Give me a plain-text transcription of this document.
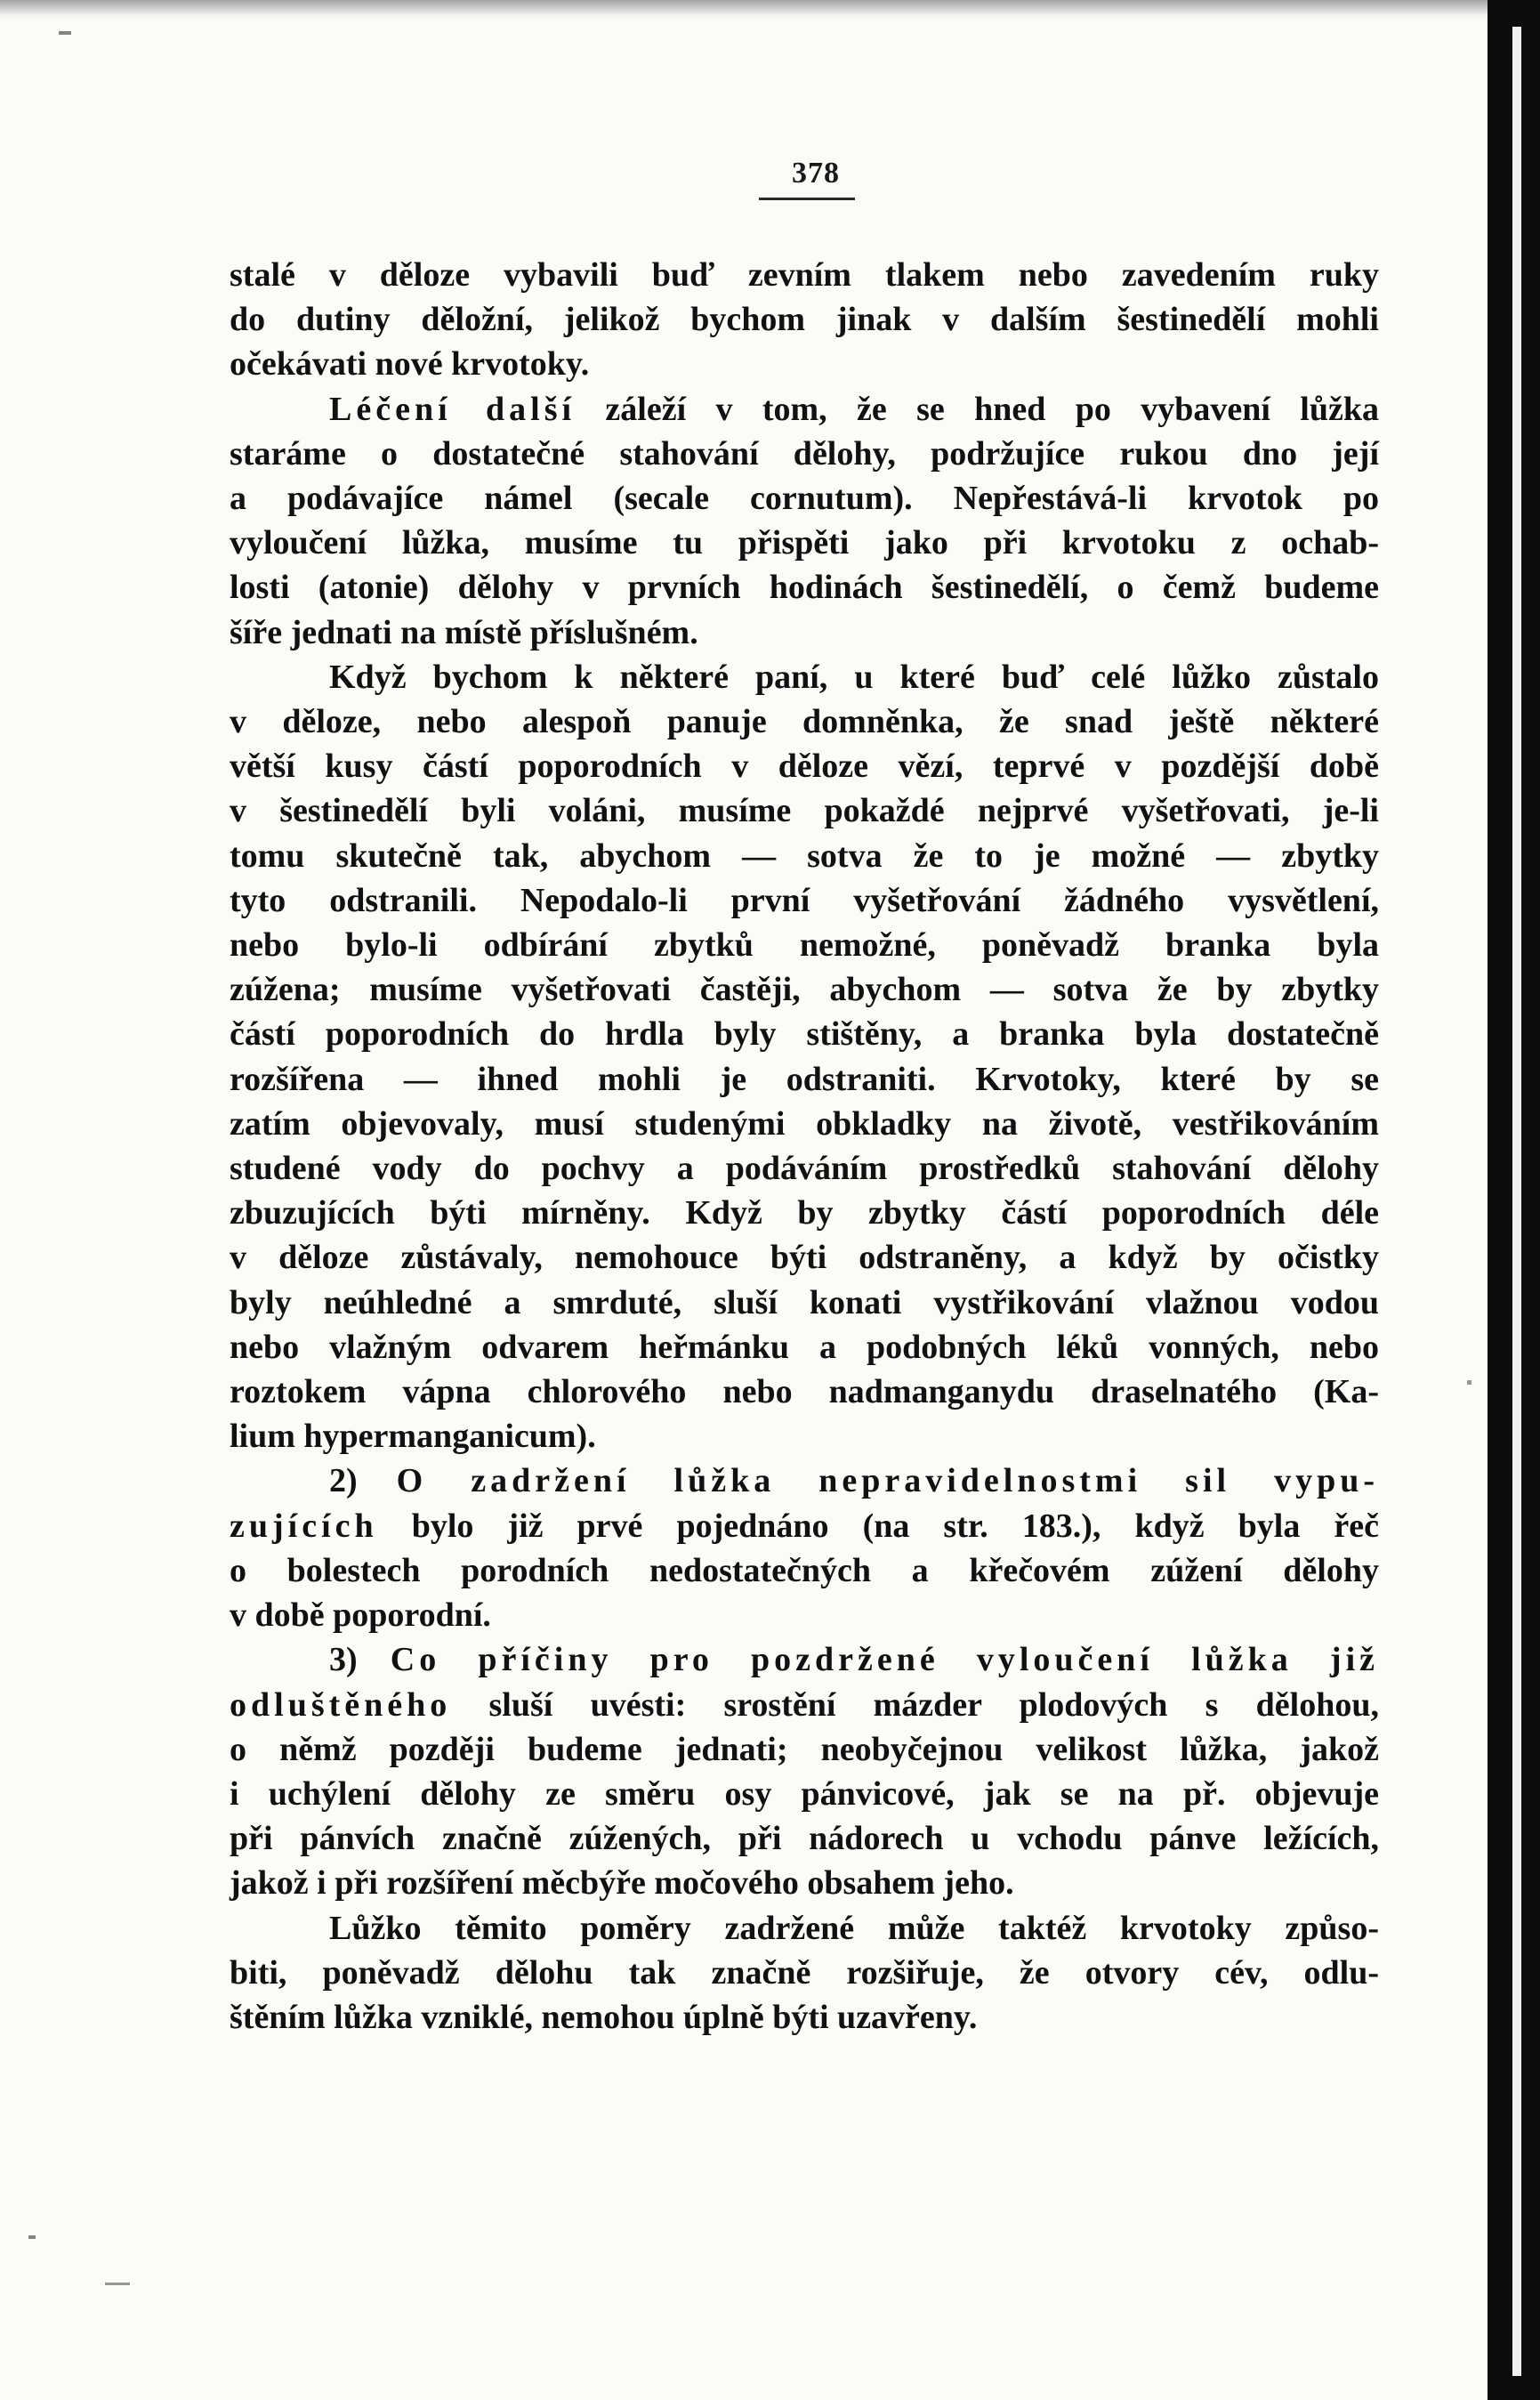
378
stalé v děloze vybavili buď zevním tlakem nebo zavedením ruky
do dutiny děložní, jelikož bychom jinak v dalším šestinedělí mohli
očekávati nové krvotoky.
Léčení další záleží v tom, že se hned po vybavení lůžka
staráme o dostatečné stahování dělohy, podržujíce rukou dno její
a podávajíce námel (secale cornutum). Nepřestává-li krvotok po
vyloučení lůžka, musíme tu přispěti jako při krvotoku z ochab-
losti (atonie) dělohy v prvních hodinách šestinedělí, o čemž budeme
šíře jednati na místě příslušném.
Když bychom k některé paní, u které buď celé lůžko zůstalo
v děloze, nebo alespoň panuje domněnka, že snad ještě některé
větší kusy částí poporodních v děloze vězí, teprvé v pozdější době
v šestinedělí byli voláni, musíme pokaždé nejprvé vyšetřovati, je-li
tomu skutečně tak, abychom — sotva že to je možné — zbytky
tyto odstranili. Nepodalo-li první vyšetřování žádného vysvětlení,
nebo bylo-li odbírání zbytků nemožné, poněvadž branka byla
zúžena; musíme vyšetřovati častěji, abychom — sotva že by zbytky
částí poporodních do hrdla byly stištěny, a branka byla dostatečně
rozšířena — ihned mohli je odstraniti. Krvotoky, které by se
zatím objevovaly, musí studenými obkladky na životě, vestřikováním
studené vody do pochvy a podáváním prostředků stahování dělohy
zbuzujících býti mírněny. Když by zbytky částí poporodních déle
v děloze zůstávaly, nemohouce býti odstraněny, a když by očistky
byly neúhledné a smrduté, sluší konati vystřikování vlažnou vodou
nebo vlažným odvarem heřmánku a podobných léků vonných, nebo
roztokem vápna chlorového nebo nadmanganydu draselnatého (Ka-
lium hypermanganicum).
2) O zadržení lůžka nepravidelnostmi sil vypu-
zujících bylo již prvé pojednáno (na str. 183.), když byla řeč
o bolestech porodních nedostatečných a křečovém zúžení dělohy
v době poporodní.
3) Co příčiny pro pozdržené vyloučení lůžka již
odluštěného sluší uvésti: srostění mázder plodových s dělohou,
o němž později budeme jednati; neobyčejnou velikost lůžka, jakož
i uchýlení dělohy ze směru osy pánvicové, jak se na př. objevuje
při pánvích značně zúžených, při nádorech u vchodu pánve ležících,
jakož i při rozšíření měcbýře močového obsahem jeho.
Lůžko těmito poměry zadržené může taktéž krvotoky způso-
biti, poněvadž dělohu tak značně rozšiřuje, že otvory cév, odlu-
štěním lůžka vzniklé, nemohou úplně býti uzavřeny.
